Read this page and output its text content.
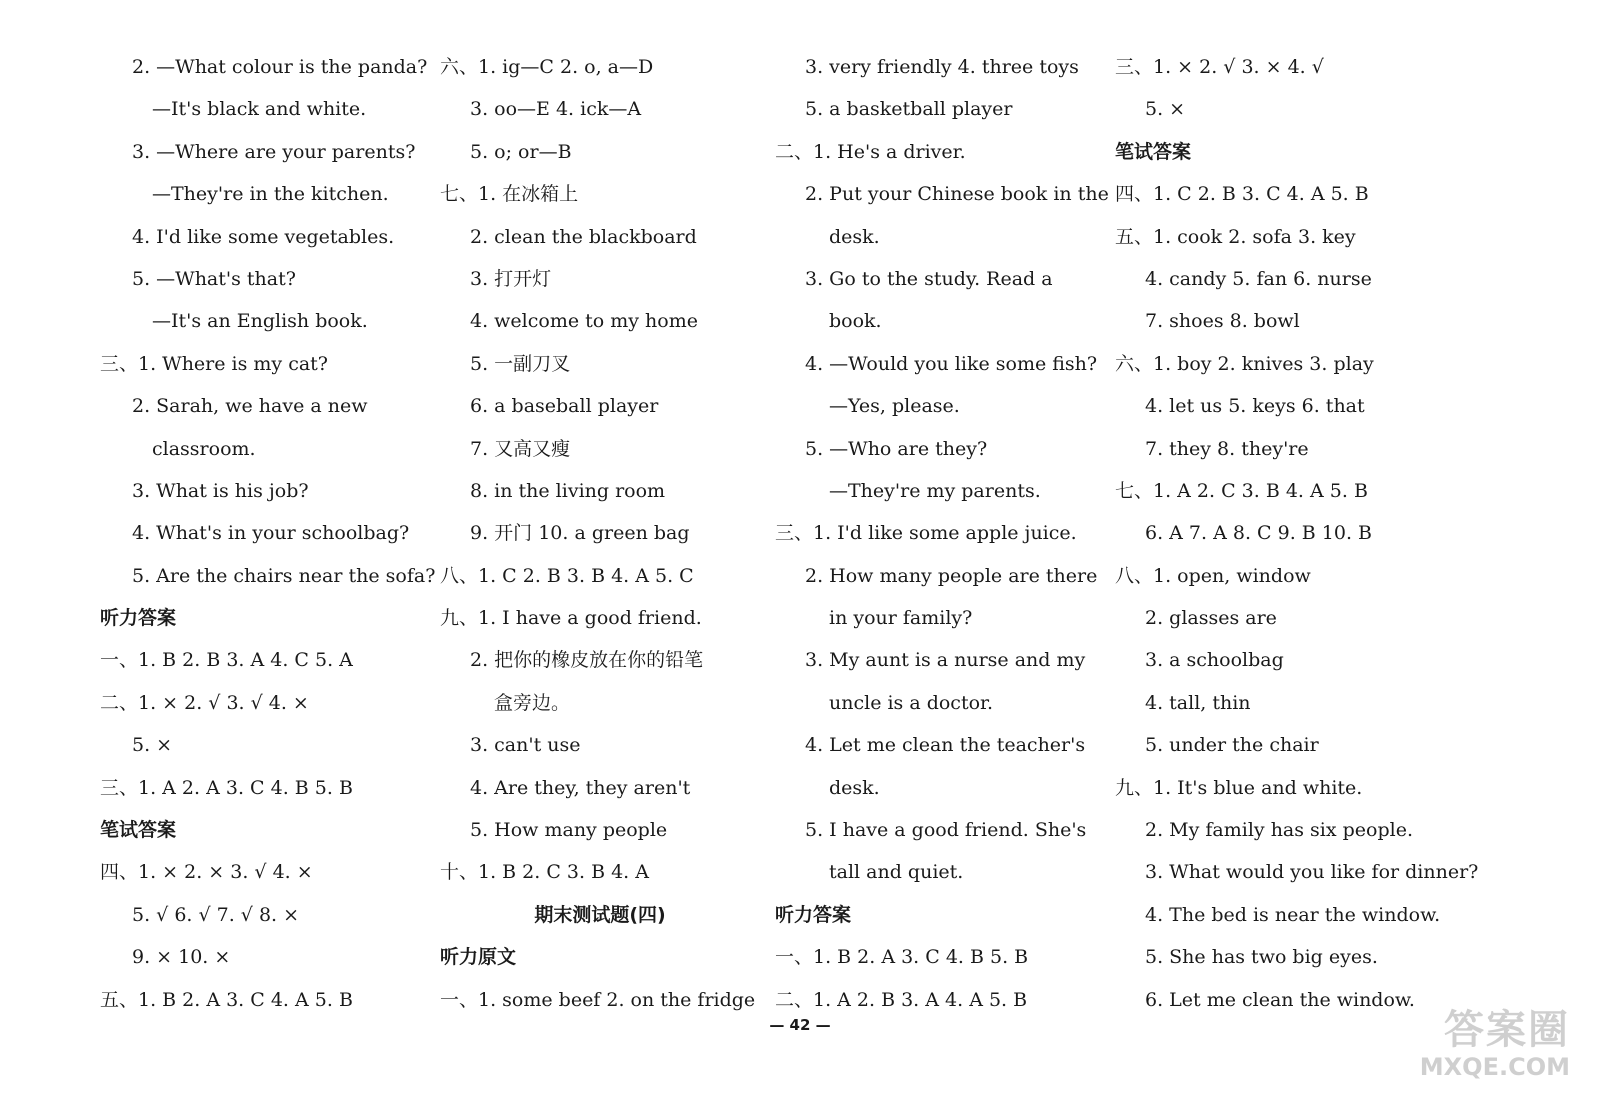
2. —What colour is the panda?
—It's black and white.
3. —Where are your parents?
—They're in the kitchen.
4. I'd like some vegetables.
5. —What's that?
—It's an English book.
三、1. Where is my cat?
2. Sarah, we have a new
classroom.
3. What is his job?
4. What's in your schoolbag?
5. Are the chairs near the sofa?
听力答案
一、1. B 2. B 3. A 4. C 5. A
二、1. × 2. √ 3. √ 4. ×
5. ×
三、1. A 2. A 3. C 4. B 5. B
笔试答案
四、1. × 2. × 3. √ 4. ×
5. √ 6. √ 7. √ 8. ×
9. × 10. ×
五、1. B 2. A 3. C 4. A 5. B
六、1. ig—C 2. o, a—D
3. oo—E 4. ick—A
5. o; or—B
七、1. 在冰箱上
2. clean the blackboard
3. 打开灯
4. welcome to my home
5. 一副刀叉
6. a baseball player
7. 又高又瘦
8. in the living room
9. 开门 10. a green bag
八、1. C 2. B 3. B 4. A 5. C
九、1. I have a good friend.
2. 把你的橡皮放在你的铅笔
盒旁边。
3. can't use
4. Are they, they aren't
5. How many people
十、1. B 2. C 3. B 4. A
期末测试题(四)
听力原文
一、1. some beef 2. on the fridge
3. very friendly 4. three toys
5. a basketball player
二、1. He's a driver.
2. Put your Chinese book in the
desk.
3. Go to the study. Read a
book.
4. —Would you like some fish?
—Yes, please.
5. —Who are they?
—They're my parents.
三、1. I'd like some apple juice.
2. How many people are there
in your family?
3. My aunt is a nurse and my
uncle is a doctor.
4. Let me clean the teacher's
desk.
5. I have a good friend. She's
tall and quiet.
听力答案
一、1. B 2. A 3. C 4. B 5. B
二、1. A 2. B 3. A 4. A 5. B
三、1. × 2. √ 3. × 4. √
5. ×
笔试答案
四、1. C 2. B 3. C 4. A 5. B
五、1. cook 2. sofa 3. key
4. candy 5. fan 6. nurse
7. shoes 8. bowl
六、1. boy 2. knives 3. play
4. let us 5. keys 6. that
7. they 8. they're
七、1. A 2. C 3. B 4. A 5. B
6. A 7. A 8. C 9. B 10. B
八、1. open, window
2. glasses are
3. a schoolbag
4. tall, thin
5. under the chair
九、1. It's blue and white.
2. My family has six people.
3. What would you like for dinner?
4. The bed is near the window.
5. She has two big eyes.
6. Let me clean the window.
— 42 —	答案圈
MXQE.COM
